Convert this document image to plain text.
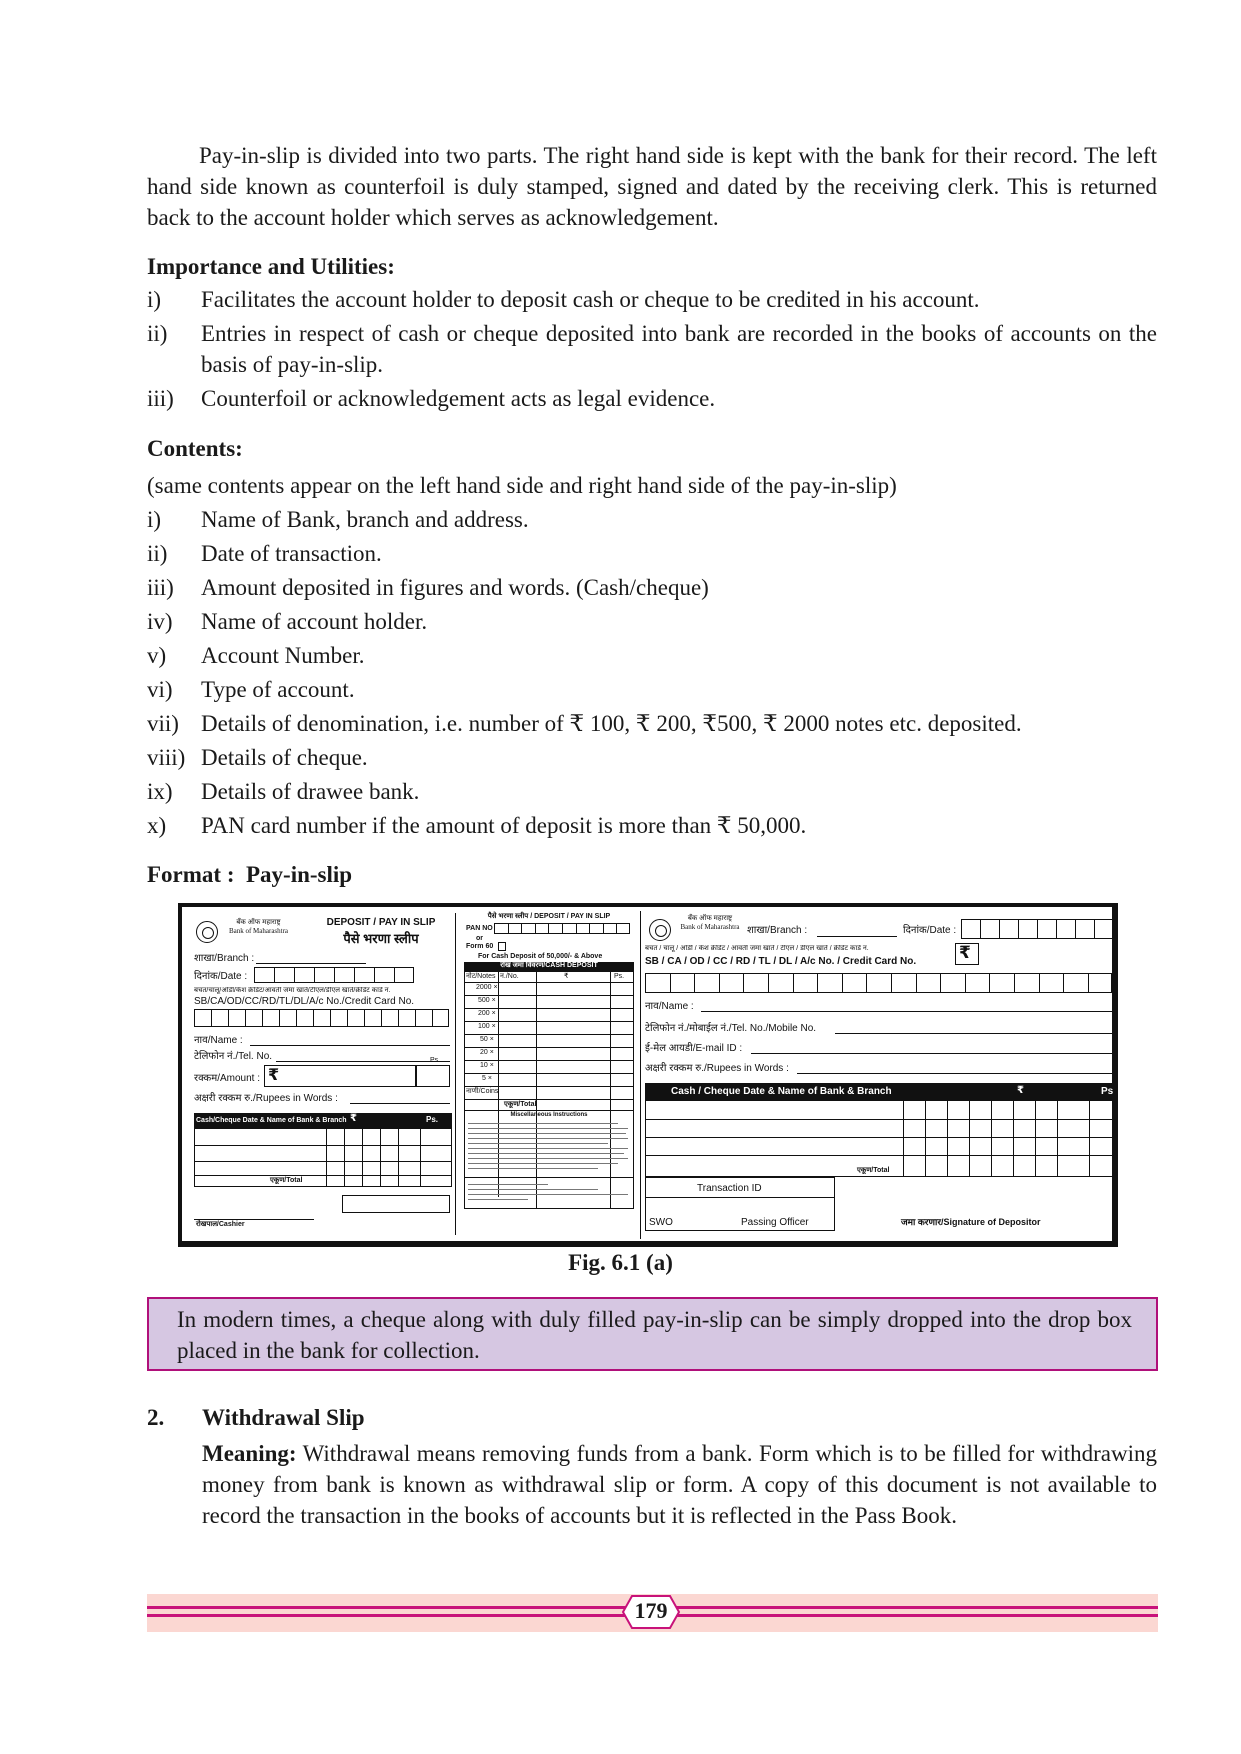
Pay-in-slip is divided into two parts. The right hand side is kept with the bank for their record. The left hand side known as counterfoil is duly stamped, signed and dated by the receiving clerk. This is returned back to the account holder which serves as acknowledgement.
Importance and Utilities:
i) Facilitates the account holder to deposit cash or cheque to be credited in his account.
ii) Entries in respect of cash or cheque deposited into bank are recorded in the books of accounts on the basis of pay-in-slip.
iii) Counterfoil or acknowledgement acts as legal evidence.
Contents:
(same contents appear on the left hand side and right hand side of the pay-in-slip)
i) Name of Bank, branch and address.
ii) Date of transaction.
iii) Amount deposited in figures and words. (Cash/cheque)
iv) Name of account holder.
v) Account Number.
vi) Type of account.
vii) Details of denomination, i.e. number of ₹ 100, ₹ 200, ₹500, ₹ 2000 notes etc. deposited.
viii) Details of cheque.
ix) Details of drawee bank.
x) PAN card number if the amount of deposit is more than ₹ 50,000.
Format : Pay-in-slip
बँक ऑफ महाराष्ट्र
Bank of Maharashtra
DEPOSIT / PAY IN SLIP
पैसे भरणा स्लीप
शाखा/Branch :
दिनांक/Date :
बचत/चालू/ओडी/कॅश क्रेडिट/आवर्ती जमा खाते/टीएल/डीएल खाते/क्रेडिट कार्ड नं.
SB/CA/OD/CC/RD/TL/DL/A/c No./Credit Card No.
नाव/Name :
टेलिफोन नं./Tel. No.	Ps.
रक्कम/Amount : ₹
अक्षरी रक्कम रु./Rupees in Words :
Cash/Cheque Date & Name of Bank & Branch ₹	Ps.
एकूण/Total
रोखपाल/Cashier
पैसे भरणा स्लीप / DEPOSIT / PAY IN SLIP
PAN NO
or
Form 60
For Cash Deposit of 50,000/- & Above
रोख जमा विवरण/CASH DEPOSIT
नोट/Notes न./No.	₹	Ps.
2000 ×
500 ×
200 ×
100 ×
50 ×
20 ×
10 ×
5 ×
नाणी/Coins
एकूण/Total
Miscellaneous Instructions
बँक ऑफ महाराष्ट्र
Bank of Maharashtra शाखा/Branch :	दिनांक/Date :
बचत / चालू / ओडी / कॅश क्रेडिट / आवर्ती जमा खाते / टीएल / डीएल खाते / क्रेडिट कार्ड नं.
SB / CA / OD / CC / RD / TL / DL / A/c No. / Credit Card No.	₹
नाव/Name :
टेलिफोन नं./मोबाईल नं./Tel. No./Mobile No.
ई-मेल आयडी/E-mail ID :
अक्षरी रक्कम रु./Rupees in Words :
Cash / Cheque Date & Name of Bank & Branch	₹	Ps
एकूण/Total
Transaction ID
SWO	Passing Officer	जमा करणार/Signature of Depositor
Fig. 6.1 (a)
In modern times, a cheque along with duly filled pay-in-slip can be simply dropped into the drop box placed in the bank for collection.
2. Withdrawal Slip
Meaning: Withdrawal means removing funds from a bank. Form which is to be filled for withdrawing money from bank is known as withdrawal slip or form. A copy of this document is not available to record the transaction in the books of accounts but it is reflected in the Pass Book.
179
